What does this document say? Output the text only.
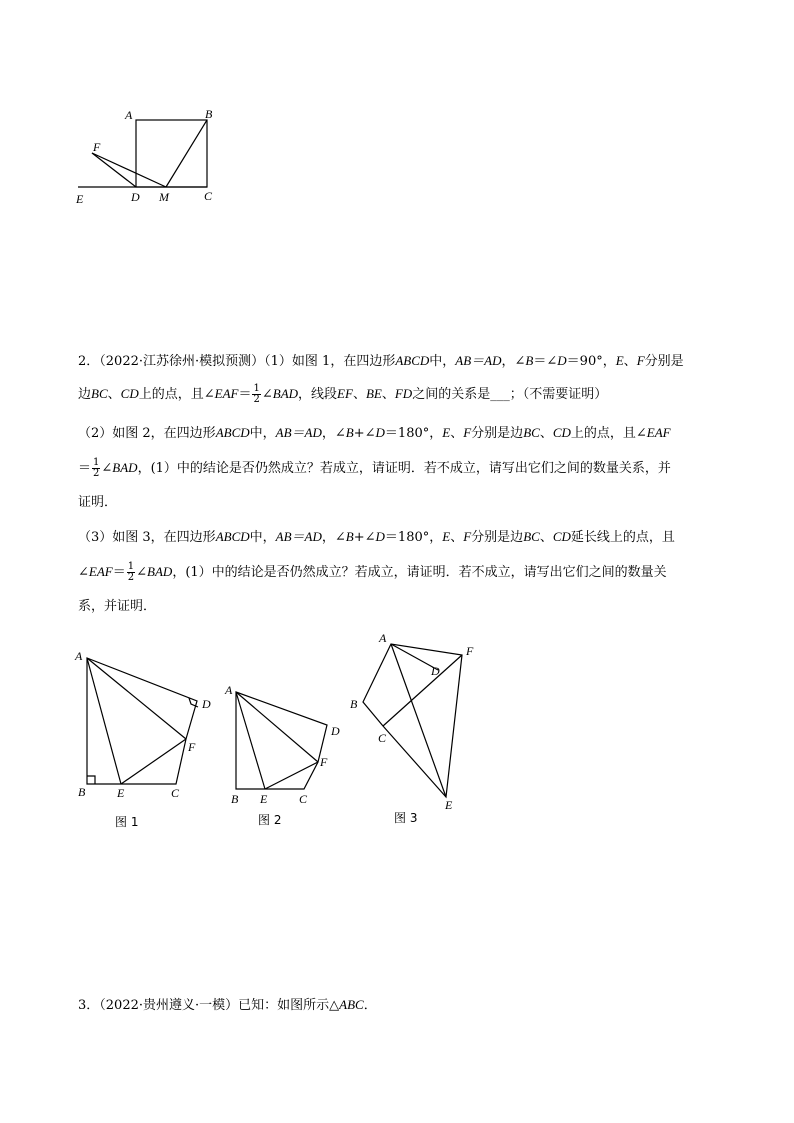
A	B
C
D
E
F
M
2．（2022·江苏徐州·模拟预测）（1）如图 1，在四边形ABCD中，AB＝AD，∠B＝∠D＝90°，E、F分别是
边BC、CD上的点，且∠EAF＝ $\frac{1}{2}$ ∠BAD，线段EF、BE、FD之间的关系是___；（不需要证明）
（2）如图 2，在四边形ABCD中，AB＝AD，∠B+∠D＝180°，E、F分别是边BC、CD上的点，且∠EAF
＝ $\frac{1}{2}$ ∠BAD，(1）中的结论是否仍然成立？若成立，请证明．若不成立，请写出它们之间的数量关系，并
证明．
（3）如图 3，在四边形ABCD中，AB＝AD，∠B+∠D＝180°，E、F分别是边BC、CD延长线上的点，且
∠EAF＝ $\frac{1}{2}$ ∠BAD，(1）中的结论是否仍然成立？若成立，请证明．若不成立，请写出它们之间的数量关
系，并证明．
A
B	C
D
E
F
图 1
A
B	C
D
E
F
图 2
A
B
C
D
E
F
图 3
3．（2022·贵州遵义·一模）已知：如图所示△ABC．
